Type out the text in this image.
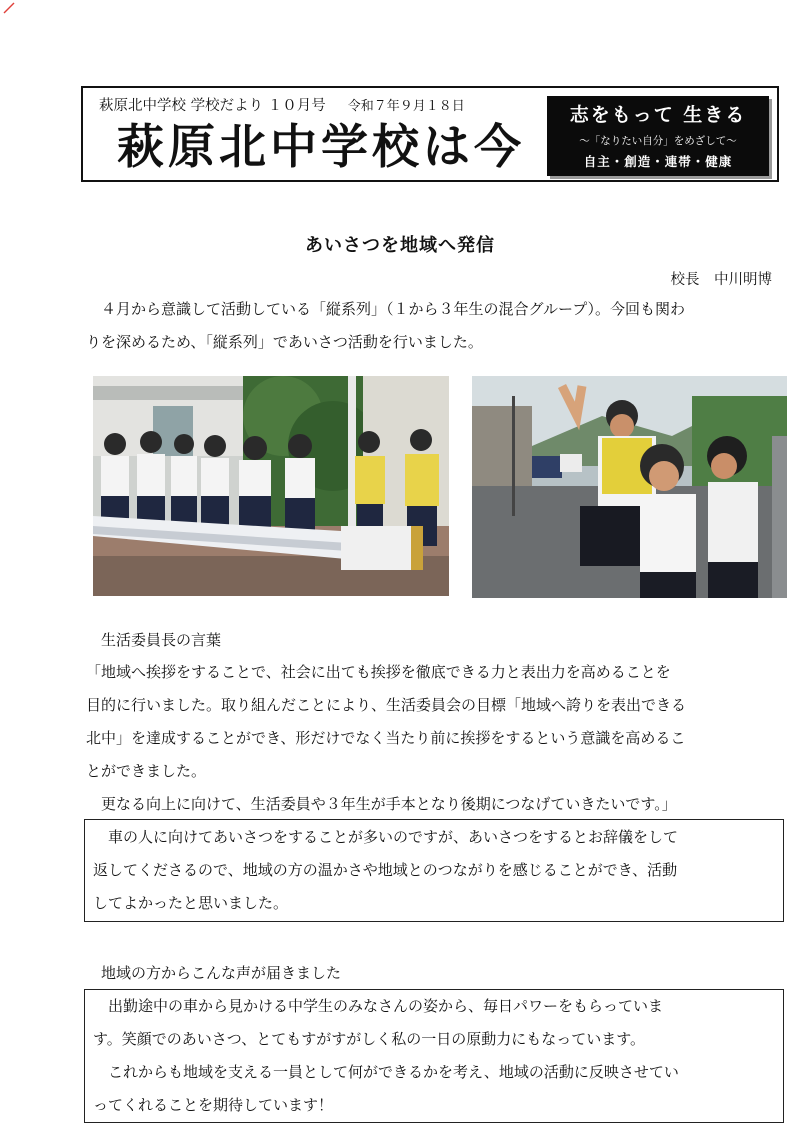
萩原北中学校 学校だより １０月号 令和７年９月１８日
萩原北中学校は今
志をもって 生きる
～「なりたい自分」をめざして～
自主・創造・連帯・健康
あいさつを地域へ発信
校長　中川明博
　４月から意識して活動している「縦系列」（１から３年生の混合グループ）。今回も関わ
りを深めるため、「縦系列」であいさつ活動を行いました。
　生活委員長の言葉
「地域へ挨拶をすることで、社会に出ても挨拶を徹底できる力と表出力を高めることを
目的に行いました。取り組んだことにより、生活委員会の目標「地域へ誇りを表出できる
北中」を達成することができ、形だけでなく当たり前に挨拶をするという意識を高めるこ
とができました。
　更なる向上に向けて、生活委員や３年生が手本となり後期につなげていきたいです。」
　車の人に向けてあいさつをすることが多いのですが、あいさつをするとお辞儀をして
返してくださるので、地域の方の温かさや地域とのつながりを感じることができ、活動
してよかったと思いました。
　地域の方からこんな声が届きました
　出勤途中の車から見かける中学生のみなさんの姿から、毎日パワーをもらっていま
す。笑顔でのあいさつ、とてもすがすがしく私の一日の原動力にもなっています。
　これからも地域を支える一員として何ができるかを考え、地域の活動に反映させてい
ってくれることを期待しています！
